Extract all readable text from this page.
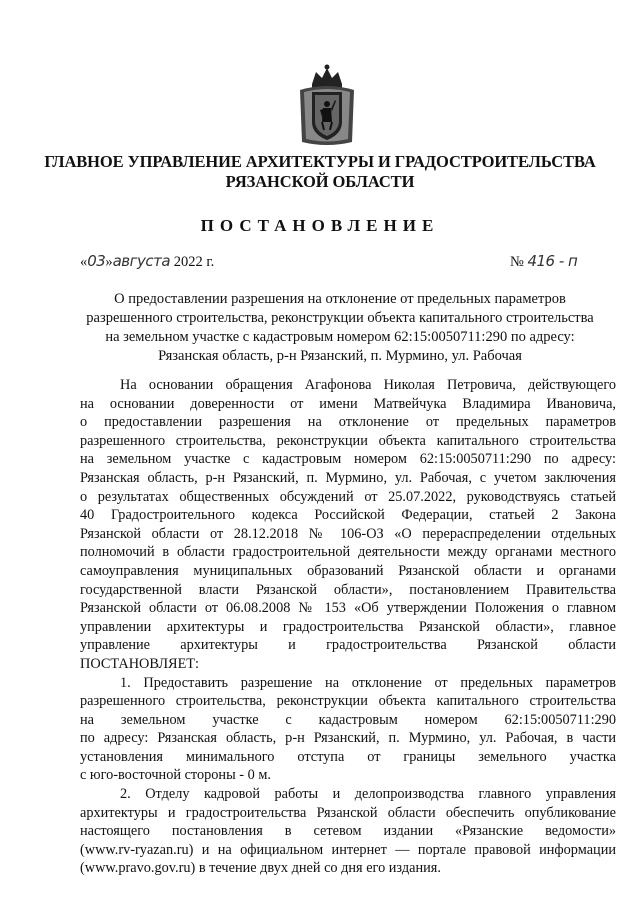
ГЛАВНОЕ УПРАВЛЕНИЕ АРХИТЕКТУРЫ И ГРАДОСТРОИТЕЛЬСТВА
РЯЗАНСКОЙ ОБЛАСТИ
ПОСТАНОВЛЕНИЕ
«03»августа 2022 г.	№ 416 - п
О предоставлении разрешения на отклонение от предельных параметров
разрешенного строительства, реконструкции объекта капитального строительства
на земельном участке с кадастровым номером 62:15:0050711:290 по адресу:
Рязанская область, р-н Рязанский, п. Мурмино, ул. Рабочая
На основании обращения Агафонова Николая Петровича, действующего
на основании доверенности от имени Матвейчука Владимира Ивановича,
о предоставлении разрешения на отклонение от предельных параметров
разрешенного строительства, реконструкции объекта капитального строительства
на земельном участке с кадастровым номером 62:15:0050711:290 по адресу:
Рязанская область, р-н Рязанский, п. Мурмино, ул. Рабочая, с учетом заключения
о результатах общественных обсуждений от 25.07.2022, руководствуясь статьей
40 Градостроительного кодекса Российской Федерации, статьей 2 Закона
Рязанской области от 28.12.2018 № 106-ОЗ «О перераспределении отдельных
полномочий в области градостроительной деятельности между органами местного
самоуправления муниципальных образований Рязанской области и органами
государственной власти Рязанской области», постановлением Правительства
Рязанской области от 06.08.2008 № 153 «Об утверждении Положения о главном
управлении архитектуры и градостроительства Рязанской области», главное
управление архитектуры и градостроительства Рязанской области
ПОСТАНОВЛЯЕТ:
1. Предоставить разрешение на отклонение от предельных параметров
разрешенного строительства, реконструкции объекта капитального строительства
на земельном участке с кадастровым номером 62:15:0050711:290
по адресу: Рязанская область, р-н Рязанский, п. Мурмино, ул. Рабочая, в части
установления минимального отступа от границы земельного участка
с юго-восточной стороны - 0 м.
2. Отделу кадровой работы и делопроизводства главного управления
архитектуры и градостроительства Рязанской области обеспечить опубликование
настоящего постановления в сетевом издании «Рязанские ведомости»
(www.rv-ryazan.ru) и на официальном интернет — портале правовой информации
(www.pravo.gov.ru) в течение двух дней со дня его издания.
